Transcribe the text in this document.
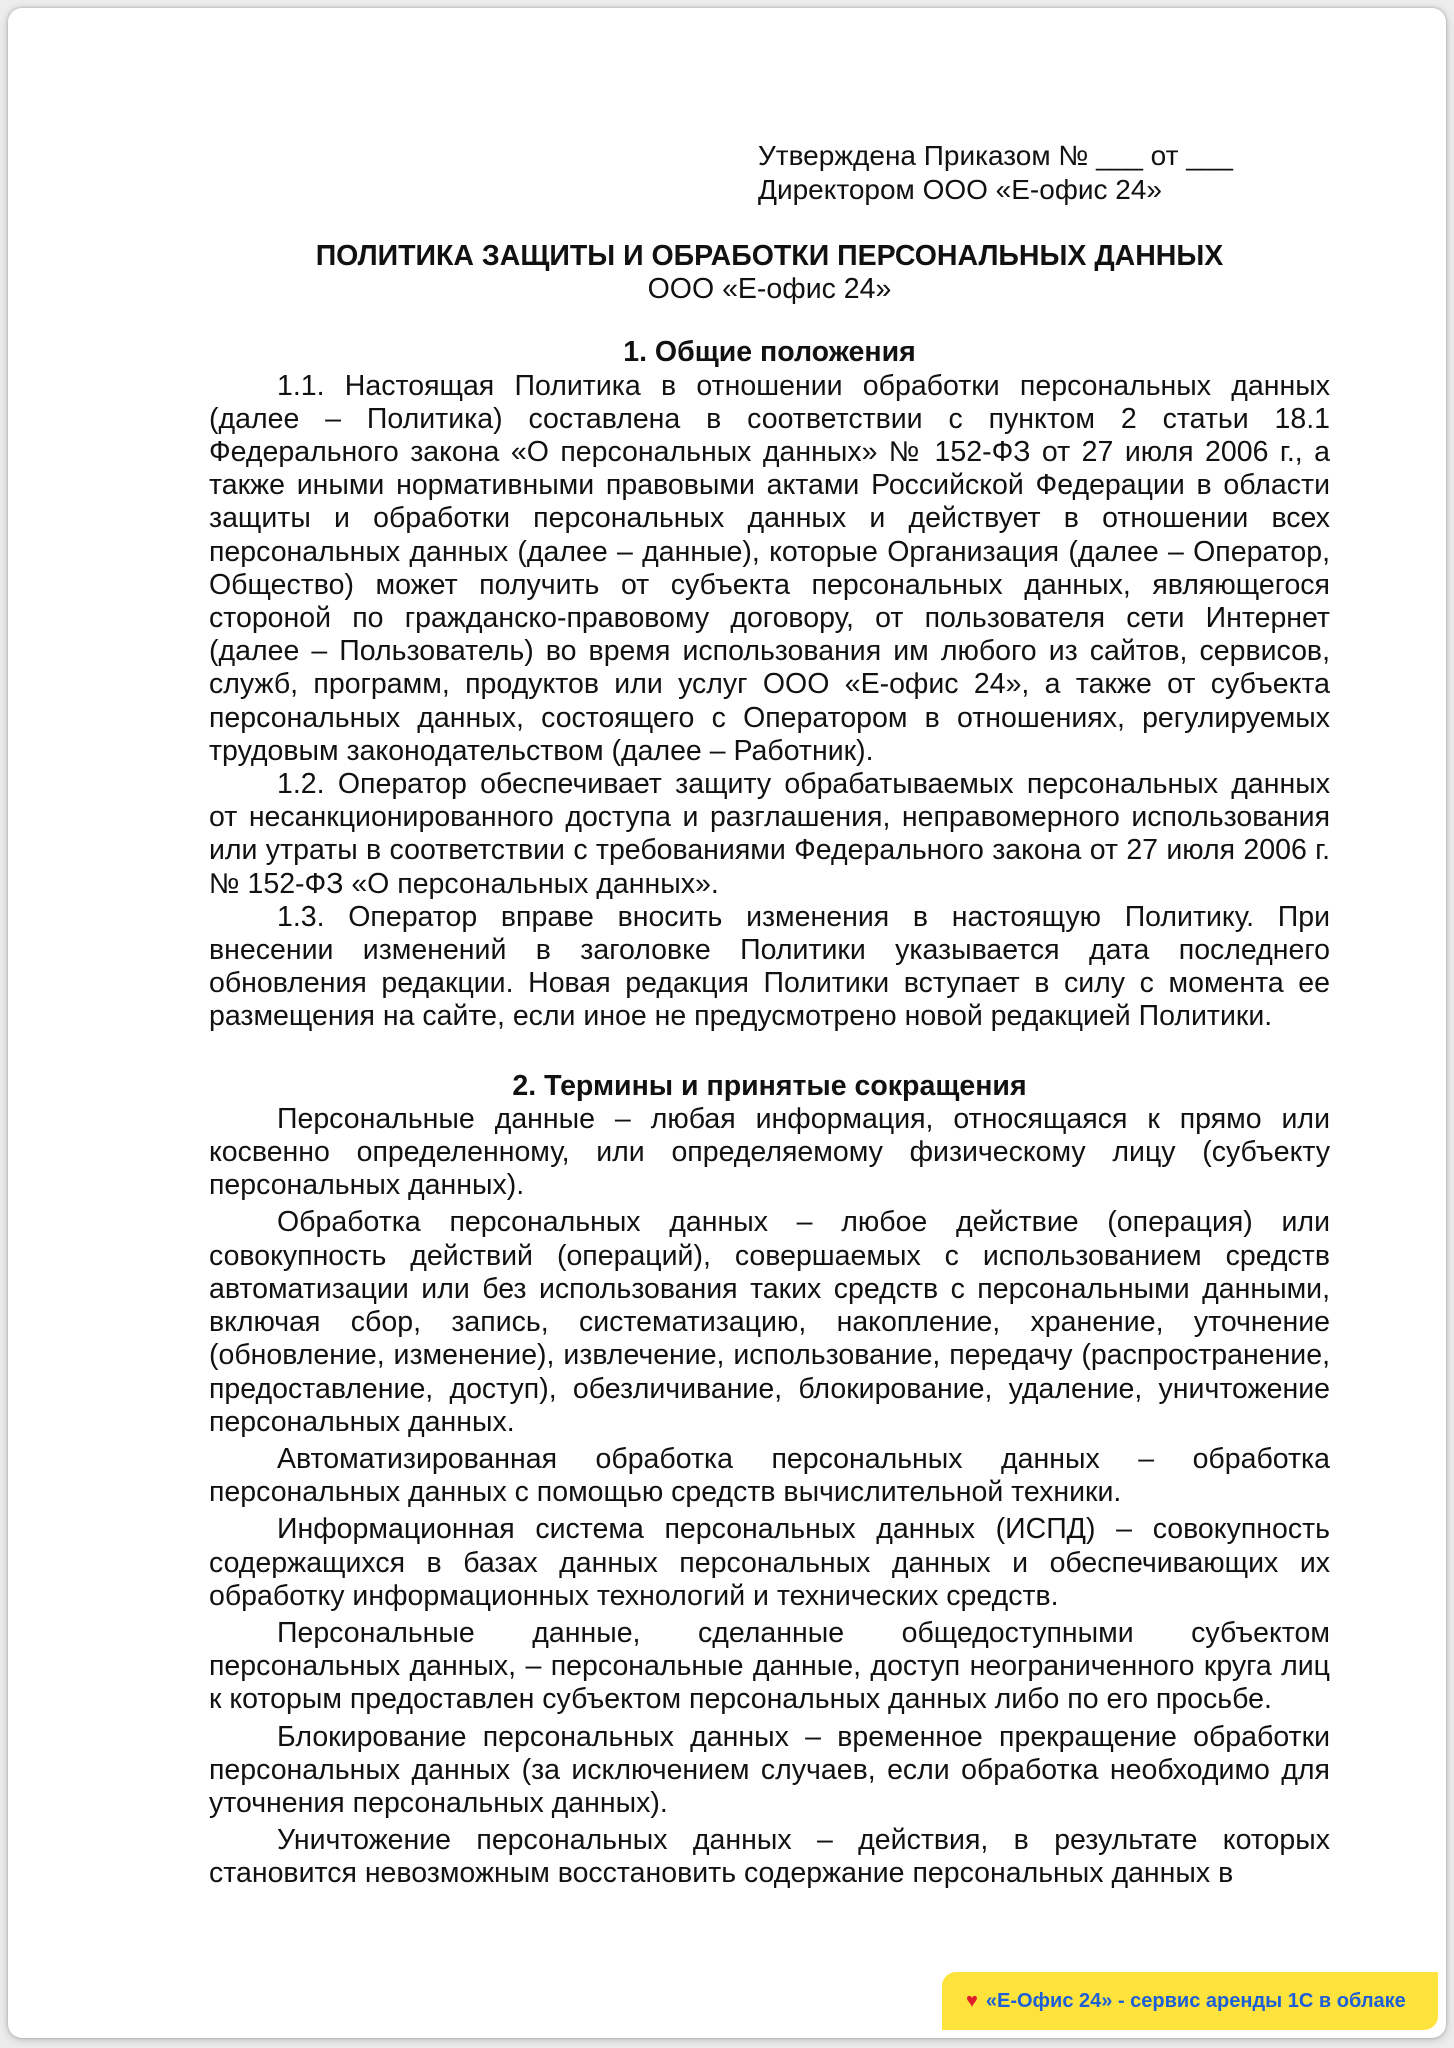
Утверждена Приказом № ___ от ___
Директором ООО «Е-офис 24»

ПОЛИТИКА ЗАЩИТЫ И ОБРАБОТКИ ПЕРСОНАЛЬНЫХ ДАННЫХ

ООО «Е-офис 24»

1. Общие положения

1.1. Настоящая Политика в отношении обработки персональных данных (далее – Политика) составлена в соответствии с пунктом 2 статьи 18.1 Федерального закона «О персональных данных» № 152-ФЗ от 27 июля 2006 г., а также иными нормативными правовыми актами Российской Федерации в области защиты и обработки персональных данных и действует в отношении всех персональных данных (далее – данные), которые Организация (далее – Оператор, Общество) может получить от субъекта персональных данных, являющегося стороной по гражданско-правовому договору, от пользователя сети Интернет (далее – Пользователь) во время использования им любого из сайтов, сервисов, служб, программ, продуктов или услуг ООО «Е-офис 24», а также от субъекта персональных данных, состоящего с Оператором в отношениях, регулируемых трудовым законодательством (далее – Работник).

1.2. Оператор обеспечивает защиту обрабатываемых персональных данных от несанкционированного доступа и разглашения, неправомерного использования или утраты в соответствии с требованиями Федерального закона от 27 июля 2006 г. № 152-ФЗ «О персональных данных».

1.3. Оператор вправе вносить изменения в настоящую Политику. При внесении изменений в заголовке Политики указывается дата последнего обновления редакции. Новая редакция Политики вступает в силу с момента ее размещения на сайте, если иное не предусмотрено новой редакцией Политики.

2. Термины и принятые сокращения

Персональные данные – любая информация, относящаяся к прямо или косвенно определенному, или определяемому физическому лицу (субъекту персональных данных).

Обработка персональных данных – любое действие (операция) или совокупность действий (операций), совершаемых с использованием средств автоматизации или без использования таких средств с персональными данными, включая сбор, запись, систематизацию, накопление, хранение, уточнение (обновление, изменение), извлечение, использование, передачу (распространение, предоставление, доступ), обезличивание, блокирование, удаление, уничтожение персональных данных.

Автоматизированная обработка персональных данных – обработка персональных данных с помощью средств вычислительной техники.

Информационная система персональных данных (ИСПД) – совокупность содержащихся в базах данных персональных данных и обеспечивающих их обработку информационных технологий и технических средств.

Персональные данные, сделанные общедоступными субъектом персональных данных, – персональные данные, доступ неограниченного круга лиц к которым предоставлен субъектом персональных данных либо по его просьбе.

Блокирование персональных данных – временное прекращение обработки персональных данных (за исключением случаев, если обработка необходимо для уточнения персональных данных).

Уничтожение персональных данных – действия, в результате которых становится невозможным восстановить содержание персональных данных в

♥ «Е-Офис 24» - сервис аренды 1С в облаке
